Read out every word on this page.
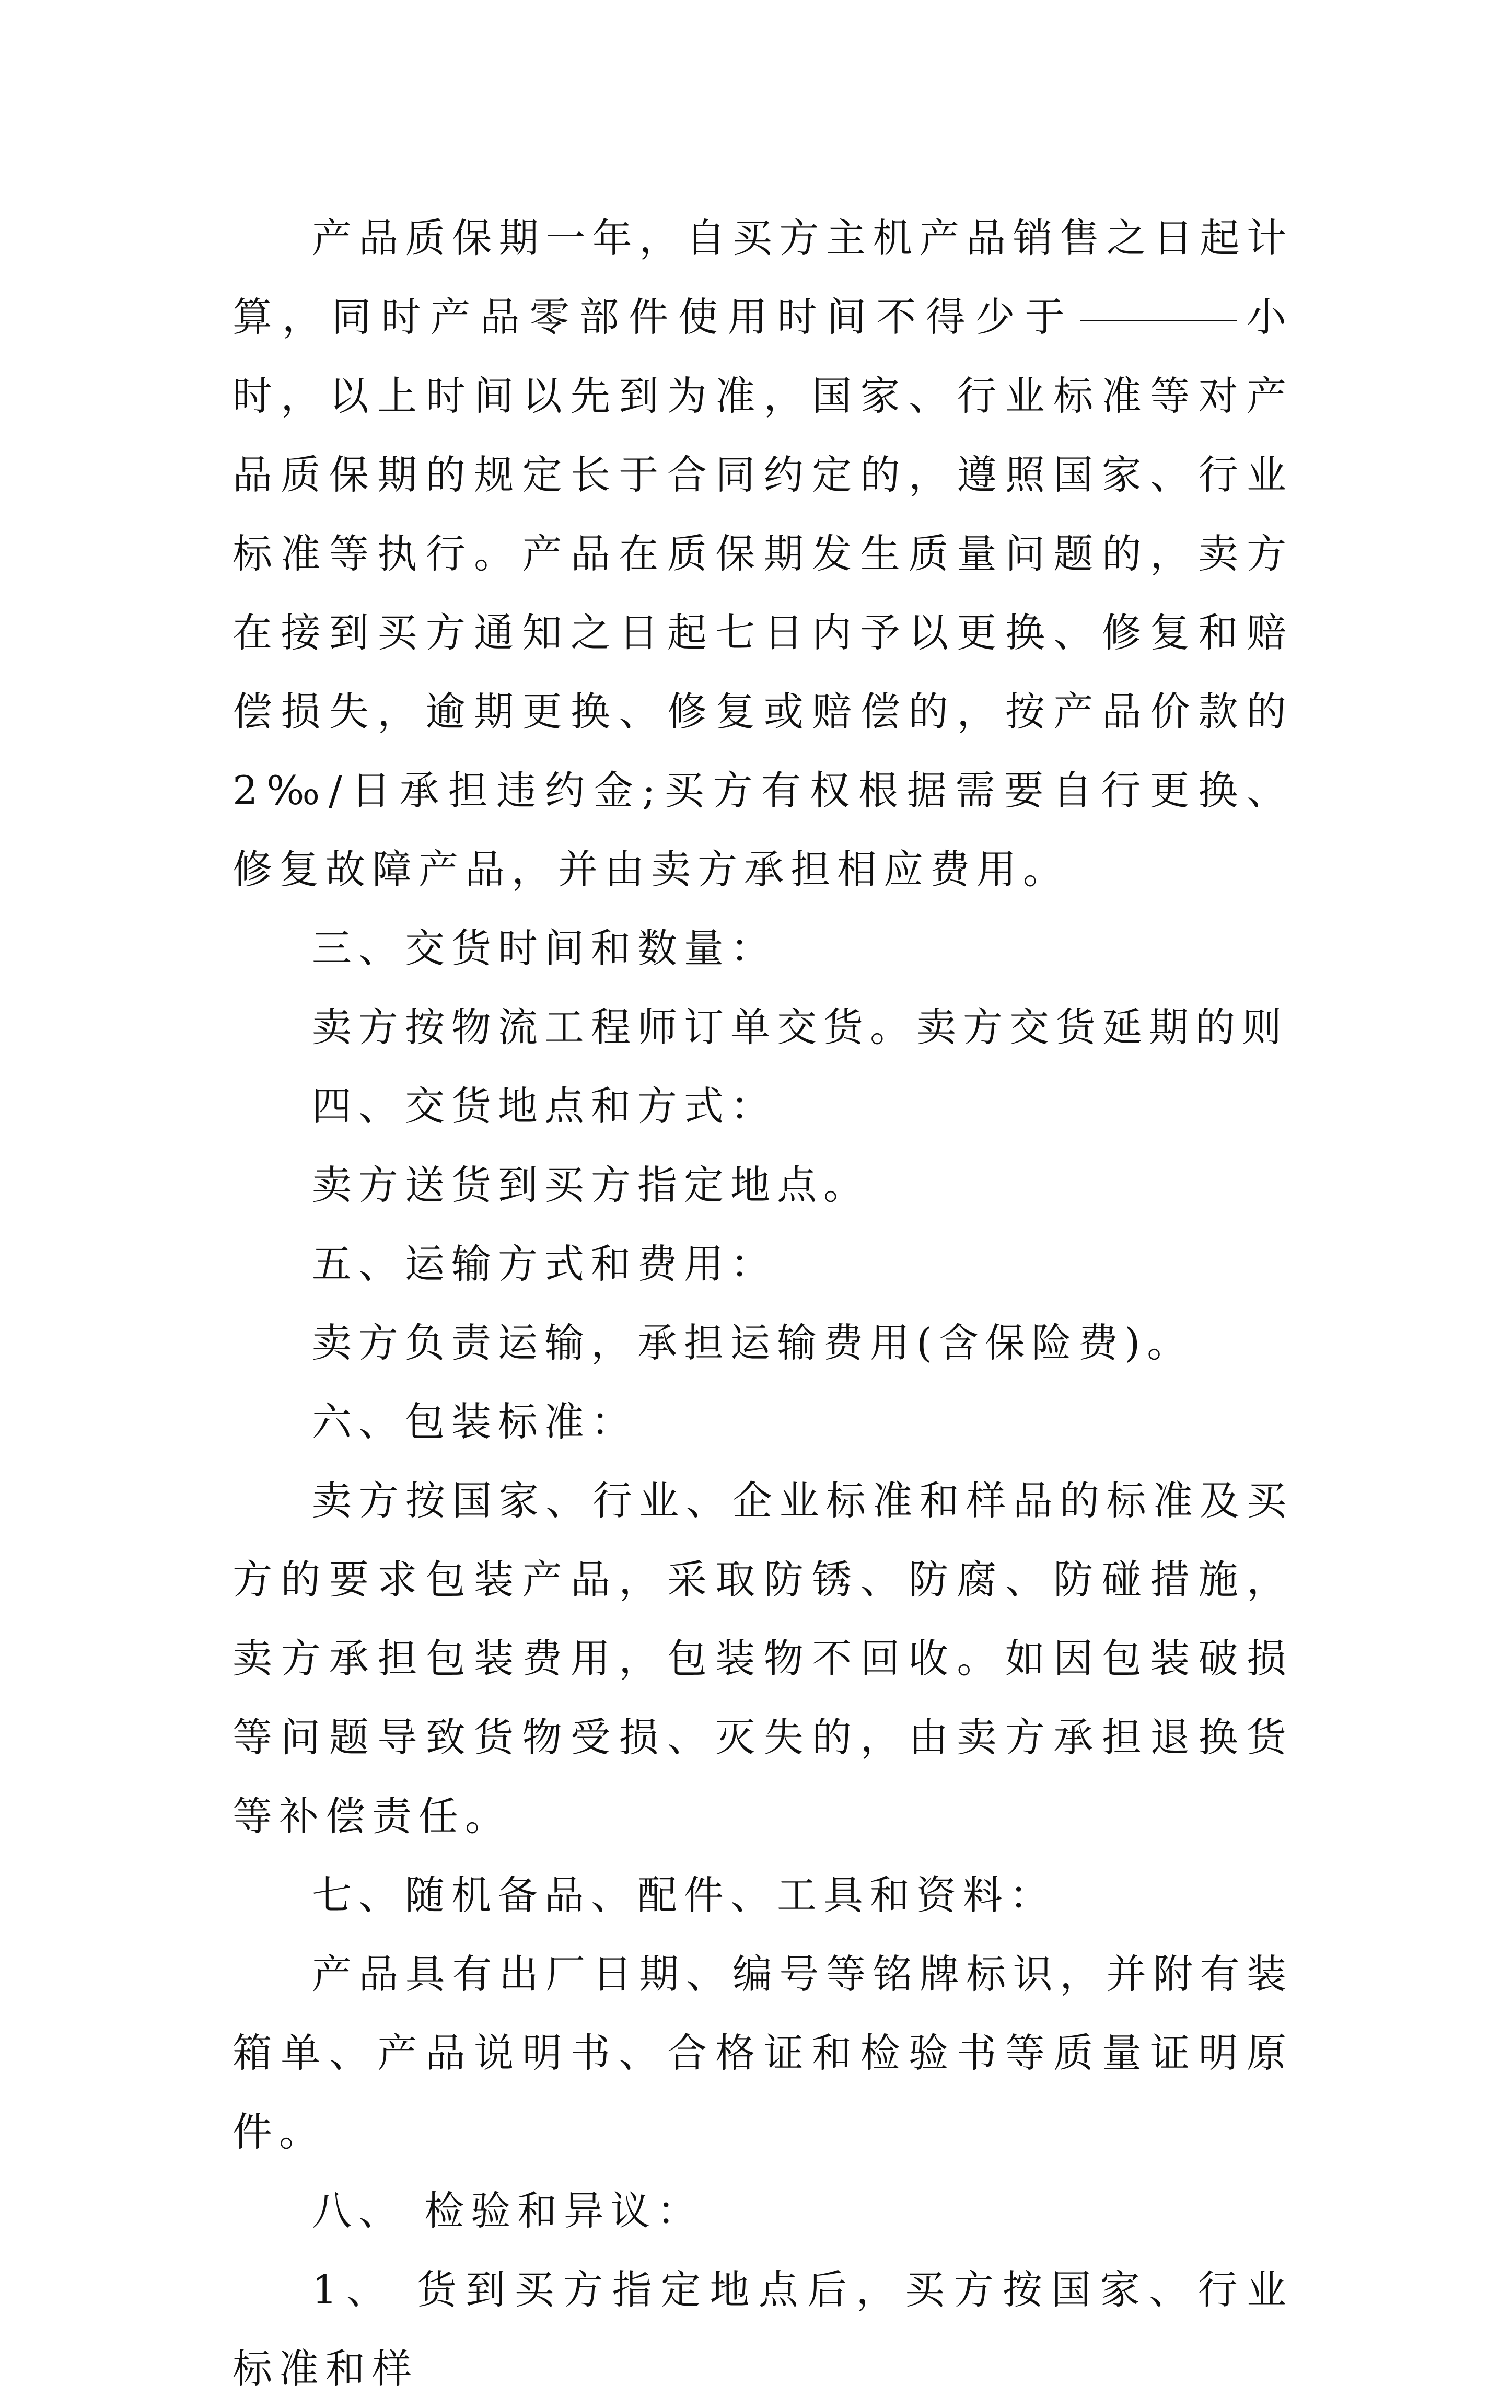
产品质保期一年，自买方主机产品销售之日起计算，同时产品零部件使用时间不得少于	小时，以上时间以先到为准，国家、行业标准等对产品质保期的规定长于合同约定的，遵照国家、行业标准等执行。产品在质保期发生质量问题的，卖方在接到买方通知之日起七日内予以更换、修复和赔偿损失，逾期更换、修复或赔偿的，按产品价款的2‰/日承担违约金;买方有权根据需要自行更换、修复故障产品，并由卖方承担相应费用。

三、交货时间和数量：

卖方按物流工程师订单交货。卖方交货延期的则

四、交货地点和方式：

卖方送货到买方指定地点。

五、运输方式和费用：

卖方负责运输，承担运输费用(含保险费)。

六、包装标准：

卖方按国家、行业、企业标准和样品的标准及买方的要求包装产品，采取防锈、防腐、防碰措施，卖方承担包装费用，包装物不回收。如因包装破损等问题导致货物受损、灭失的，由卖方承担退换货等补偿责任。

七、随机备品、配件、工具和资料：

产品具有出厂日期、编号等铭牌标识，并附有装箱单、产品说明书、合格证和检验书等质量证明原件。

八、 检验和异议：

1、 货到买方指定地点后，买方按国家、行业标准和样
